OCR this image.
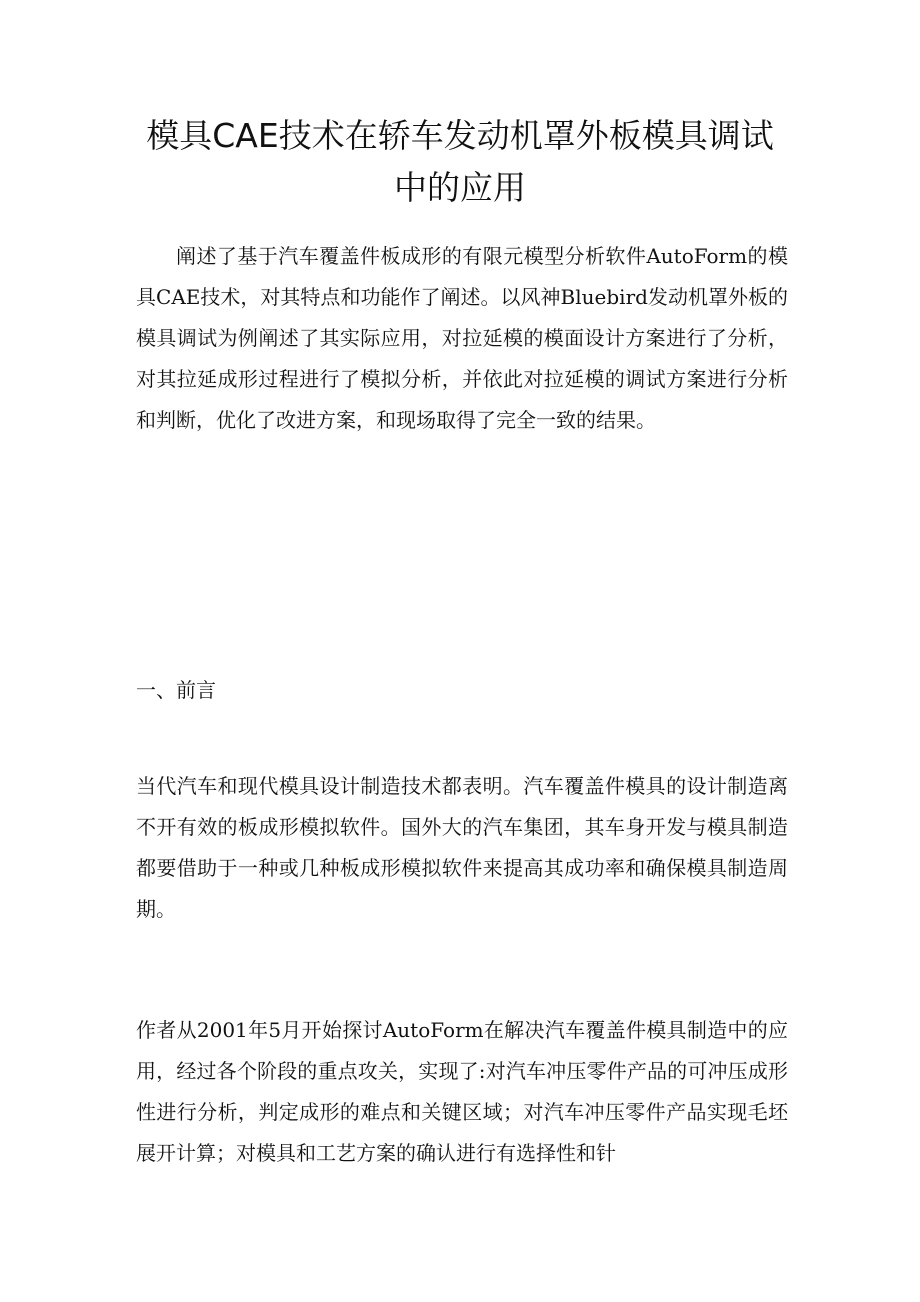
模具CAE技术在轿车发动机罩外板模具调试中的应用

阐述了基于汽车覆盖件板成形的有限元模型分析软件AutoForm的模具CAE技术，对其特点和功能作了阐述。以风神Bluebird发动机罩外板的模具调试为例阐述了其实际应用，对拉延模的模面设计方案进行了分析，对其拉延成形过程进行了模拟分析，并依此对拉延模的调试方案进行分析和判断，优化了改进方案，和现场取得了完全一致的结果。

一、前言

当代汽车和现代模具设计制造技术都表明。汽车覆盖件模具的设计制造离不开有效的板成形模拟软件。国外大的汽车集团，其车身开发与模具制造都要借助于一种或几种板成形模拟软件来提高其成功率和确保模具制造周期。

作者从2001年5月开始探讨AutoForm在解决汽车覆盖件模具制造中的应用，经过各个阶段的重点攻关，实现了:对汽车冲压零件产品的可冲压成形性进行分析，判定成形的难点和关键区域；对汽车冲压零件产品实现毛坯展开计算；对模具和工艺方案的确认进行有选择性和针
